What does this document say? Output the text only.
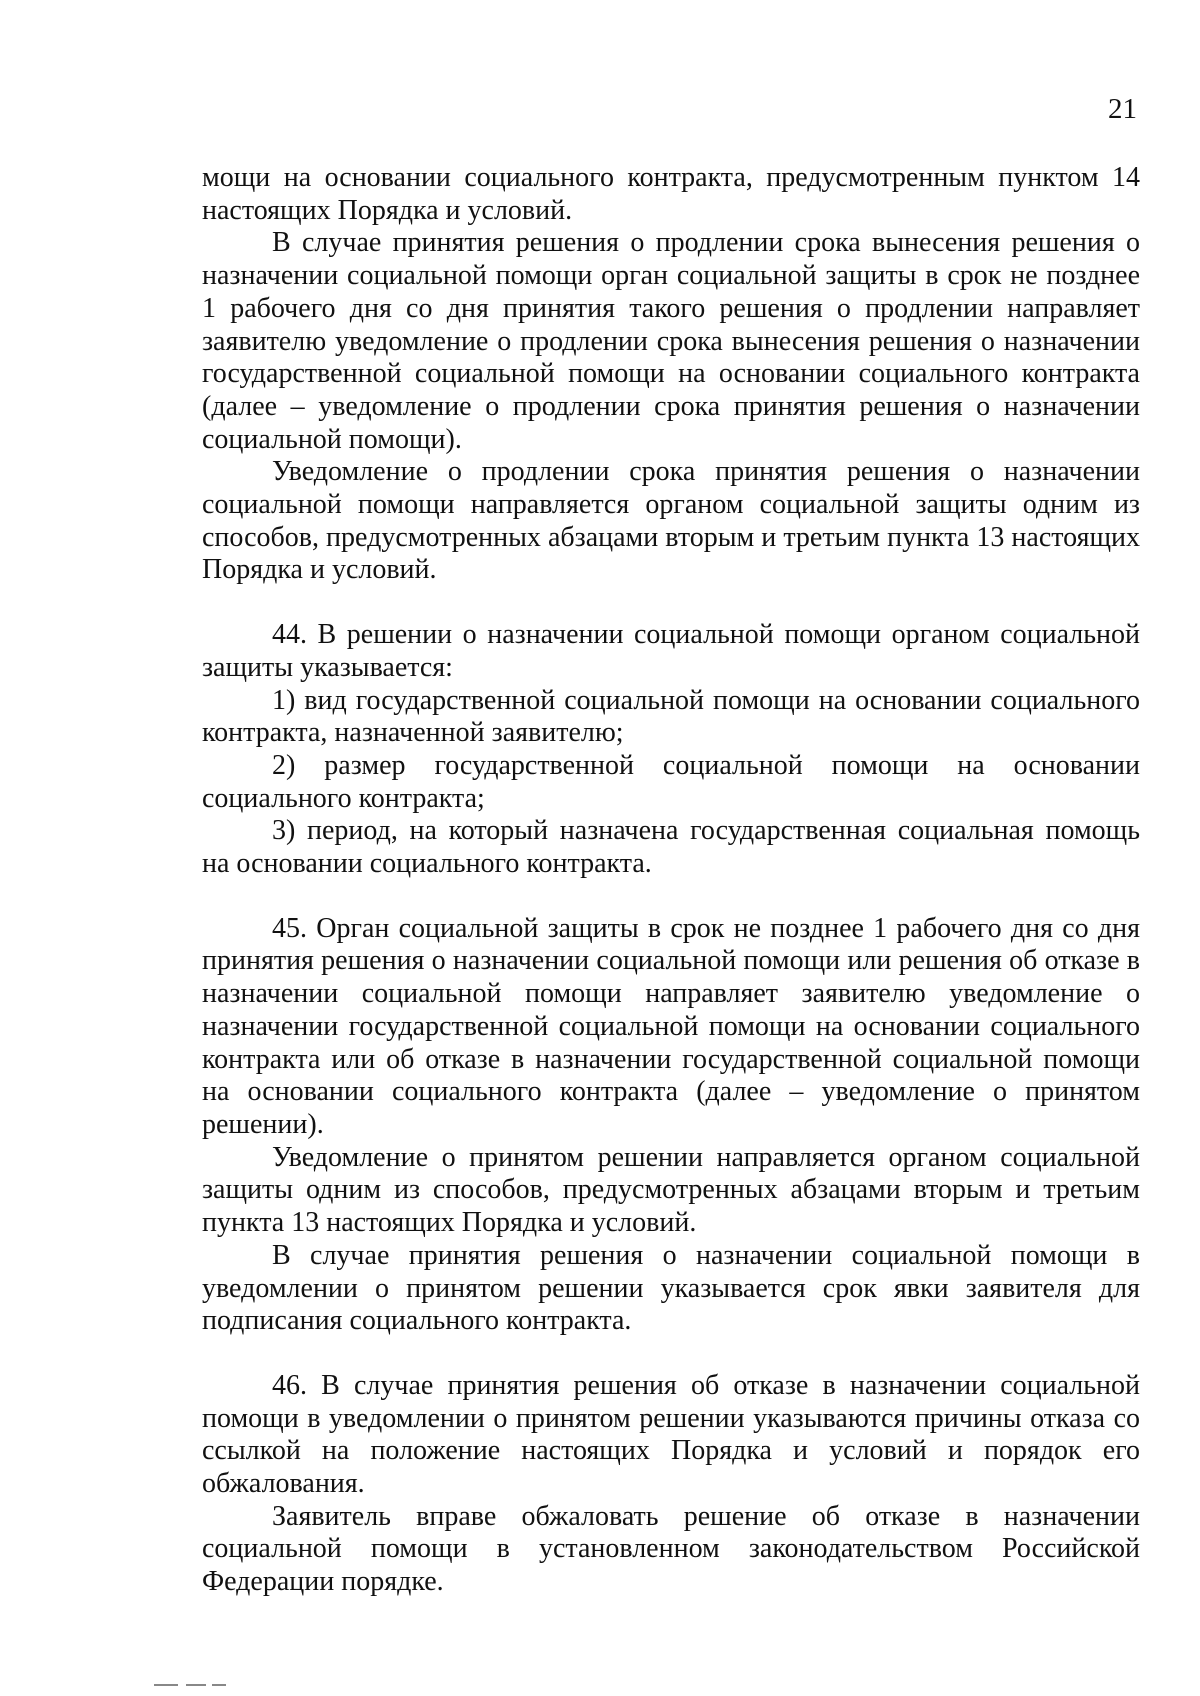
21

мощи на основании социального контракта, предусмотренным пунктом 14 настоящих Порядка и условий.

В случае принятия решения о продлении срока вынесения решения о назначении социальной помощи орган социальной защиты в срок не позднее 1 рабочего дня со дня принятия такого решения о продлении направляет заявителю уведомление о продлении срока вынесения решения о назначении государственной социальной помощи на основании социального контракта (далее – уведомление о продлении срока принятия решения о назначении социальной помощи).

Уведомление о продлении срока принятия решения о назначении социальной помощи направляется органом социальной защиты одним из способов, предусмотренных абзацами вторым и третьим пункта 13 настоящих Порядка и условий.

44. В решении о назначении социальной помощи органом социальной защиты указывается:

1) вид государственной социальной помощи на основании социального контракта, назначенной заявителю;

2) размер государственной социальной помощи на основании социального контракта;

3) период, на который назначена государственная социальная помощь на основании социального контракта.

45. Орган социальной защиты в срок не позднее 1 рабочего дня со дня принятия решения о назначении социальной помощи или решения об отказе в назначении социальной помощи направляет заявителю уведомление о назначении государственной социальной помощи на основании социального контракта или об отказе в назначении государственной социальной помощи на основании социального контракта (далее – уведомление о принятом решении).

Уведомление о принятом решении направляется органом социальной защиты одним из способов, предусмотренных абзацами вторым и третьим пункта 13 настоящих Порядка и условий.

В случае принятия решения о назначении социальной помощи в уведомлении о принятом решении указывается срок явки заявителя для подписания социального контракта.

46. В случае принятия решения об отказе в назначении социальной помощи в уведомлении о принятом решении указываются причины отказа со ссылкой на положение настоящих Порядка и условий и порядок его обжалования.

Заявитель вправе обжаловать решение об отказе в назначении социальной помощи в установленном законодательством Российской Федерации порядке.
